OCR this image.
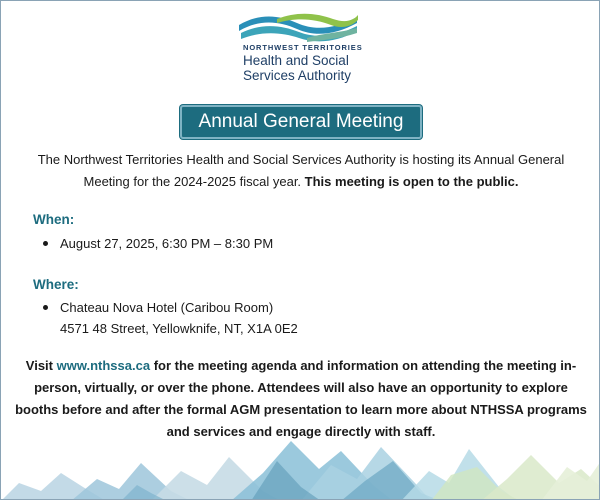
NORTHWEST TERRITORIES
Health and Social
Services Authority
Annual General Meeting
The Northwest Territories Health and Social Services Authority is hosting its Annual General Meeting for the 2024-2025 fiscal year. This meeting is open to the public.
When:
August 27, 2025, 6:30 PM – 8:30 PM
Where:
Chateau Nova Hotel (Caribou Room)
4571 48 Street, Yellowknife, NT, X1A 0E2
Visit www.nthssa.ca for the meeting agenda and information on attending the meeting in-person, virtually, or over the phone. Attendees will also have an opportunity to explore booths before and after the formal AGM presentation to learn more about NTHSSA programs and services and engage directly with staff.
